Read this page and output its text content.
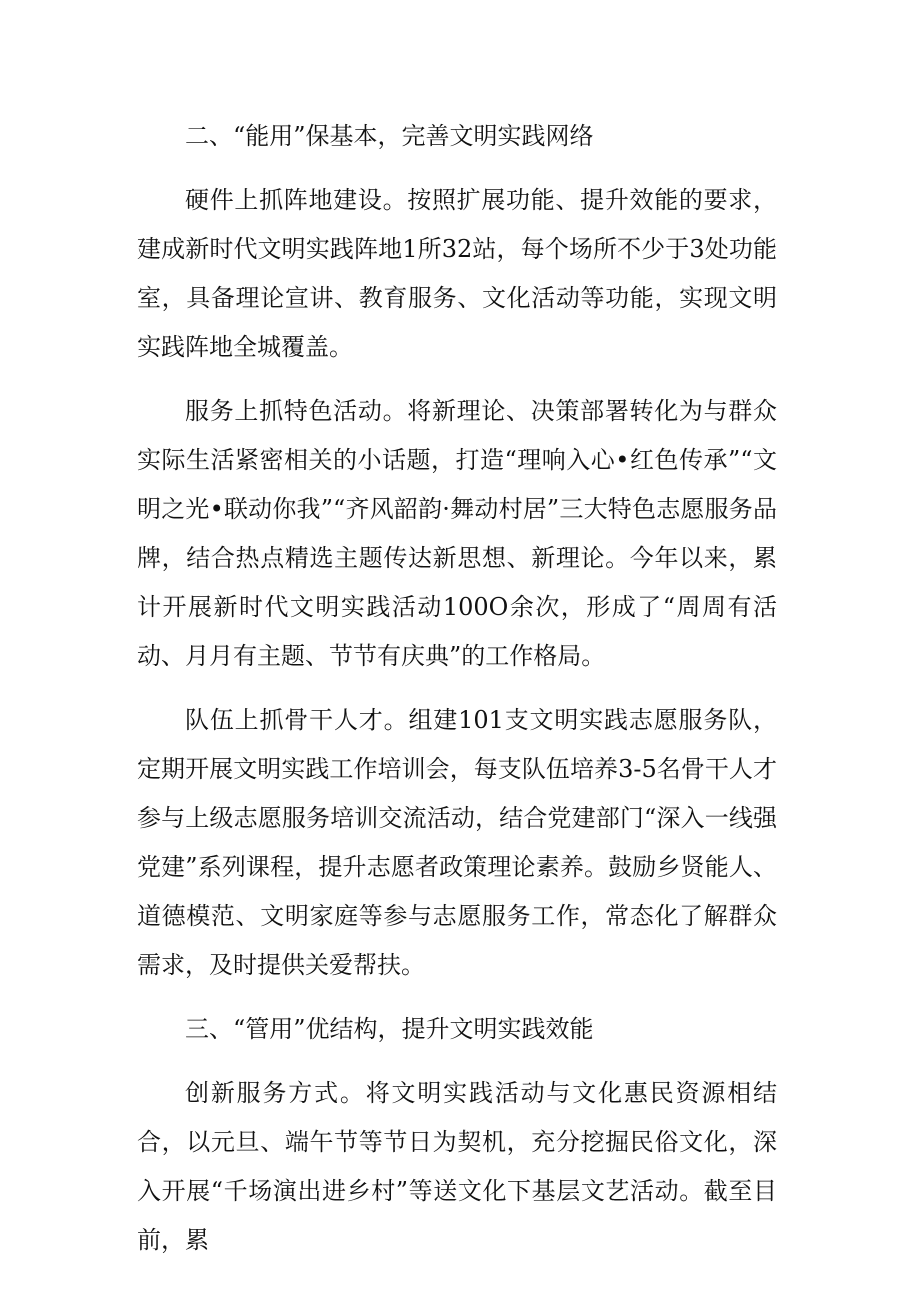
二、“能用”保基本，完善文明实践网络

硬件上抓阵地建设。按照扩展功能、提升效能的要求，建成新时代文明实践阵地1所32站，每个场所不少于3处功能室，具备理论宣讲、教育服务、文化活动等功能，实现文明实践阵地全城覆盖。

服务上抓特色活动。将新理论、决策部署转化为与群众实际生活紧密相关的小话题，打造“理响入心•红色传承”“文明之光•联动你我”“齐风韶韵·舞动村居”三大特色志愿服务品牌，结合热点精选主题传达新思想、新理论。今年以来，累计开展新时代文明实践活动100O余次，形成了“周周有活动、月月有主题、节节有庆典”的工作格局。

队伍上抓骨干人才。组建101支文明实践志愿服务队，定期开展文明实践工作培训会，每支队伍培养3-5名骨干人才参与上级志愿服务培训交流活动，结合党建部门“深入一线强党建”系列课程，提升志愿者政策理论素养。鼓励乡贤能人、道德模范、文明家庭等参与志愿服务工作，常态化了解群众需求，及时提供关爱帮扶。

三、“管用”优结构，提升文明实践效能

创新服务方式。将文明实践活动与文化惠民资源相结合，以元旦、端午节等节日为契机，充分挖掘民俗文化，深入开展“千场演出进乡村”等送文化下基层文艺活动。截至目前，累
